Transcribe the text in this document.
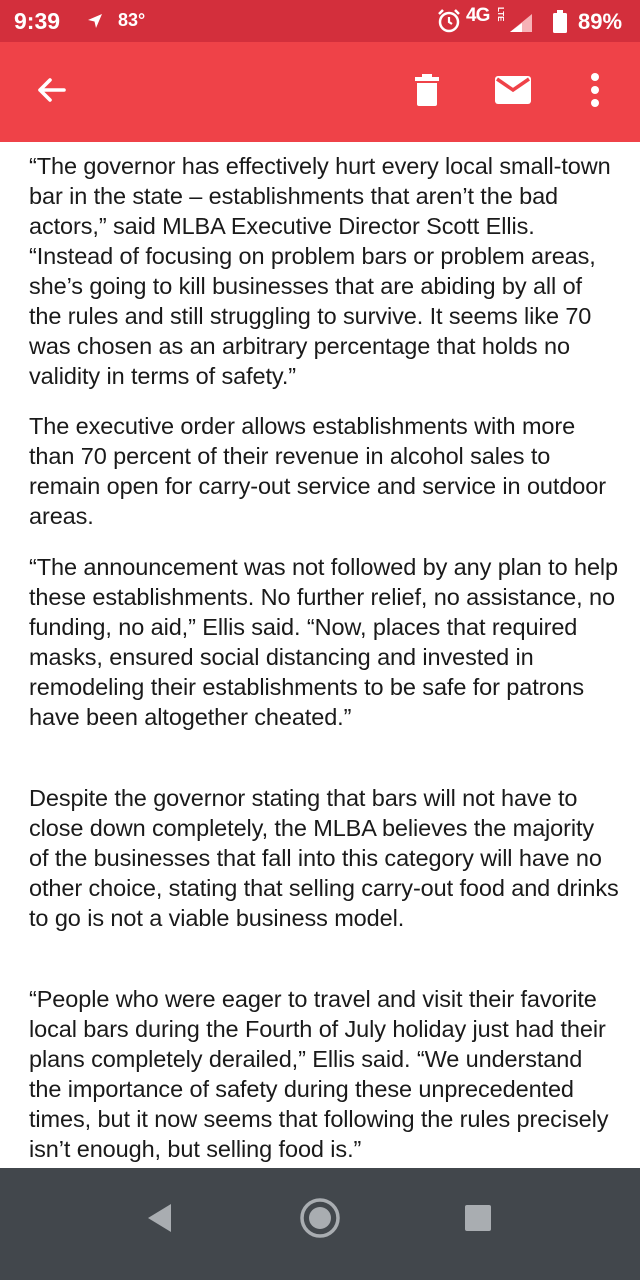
9:39	83°	4G LTE	89%

“The governor has effectively hurt every local small-town bar in the state – establishments that aren’t the bad actors,” said MLBA Executive Director Scott Ellis. “Instead of focusing on problem bars or problem areas, she’s going to kill businesses that are abiding by all of the rules and still struggling to survive. It seems like 70 was chosen as an arbitrary percentage that holds no validity in terms of safety.”

The executive order allows establishments with more than 70 percent of their revenue in alcohol sales to remain open for carry-out service and service in outdoor areas.

“The announcement was not followed by any plan to help these establishments. No further relief, no assistance, no funding, no aid,” Ellis said. “Now, places that required masks, ensured social distancing and invested in remodeling their establishments to be safe for patrons have been altogether cheated.”

Despite the governor stating that bars will not have to close down completely, the MLBA believes the majority of the businesses that fall into this category will have no other choice, stating that selling carry-out food and drinks to go is not a viable business model.

“People who were eager to travel and visit their favorite local bars during the Fourth of July holiday just had their plans completely derailed,” Ellis said. “We understand the importance of safety during these unprecedented times, but it now seems that following the rules precisely isn’t enough, but selling food is.”
